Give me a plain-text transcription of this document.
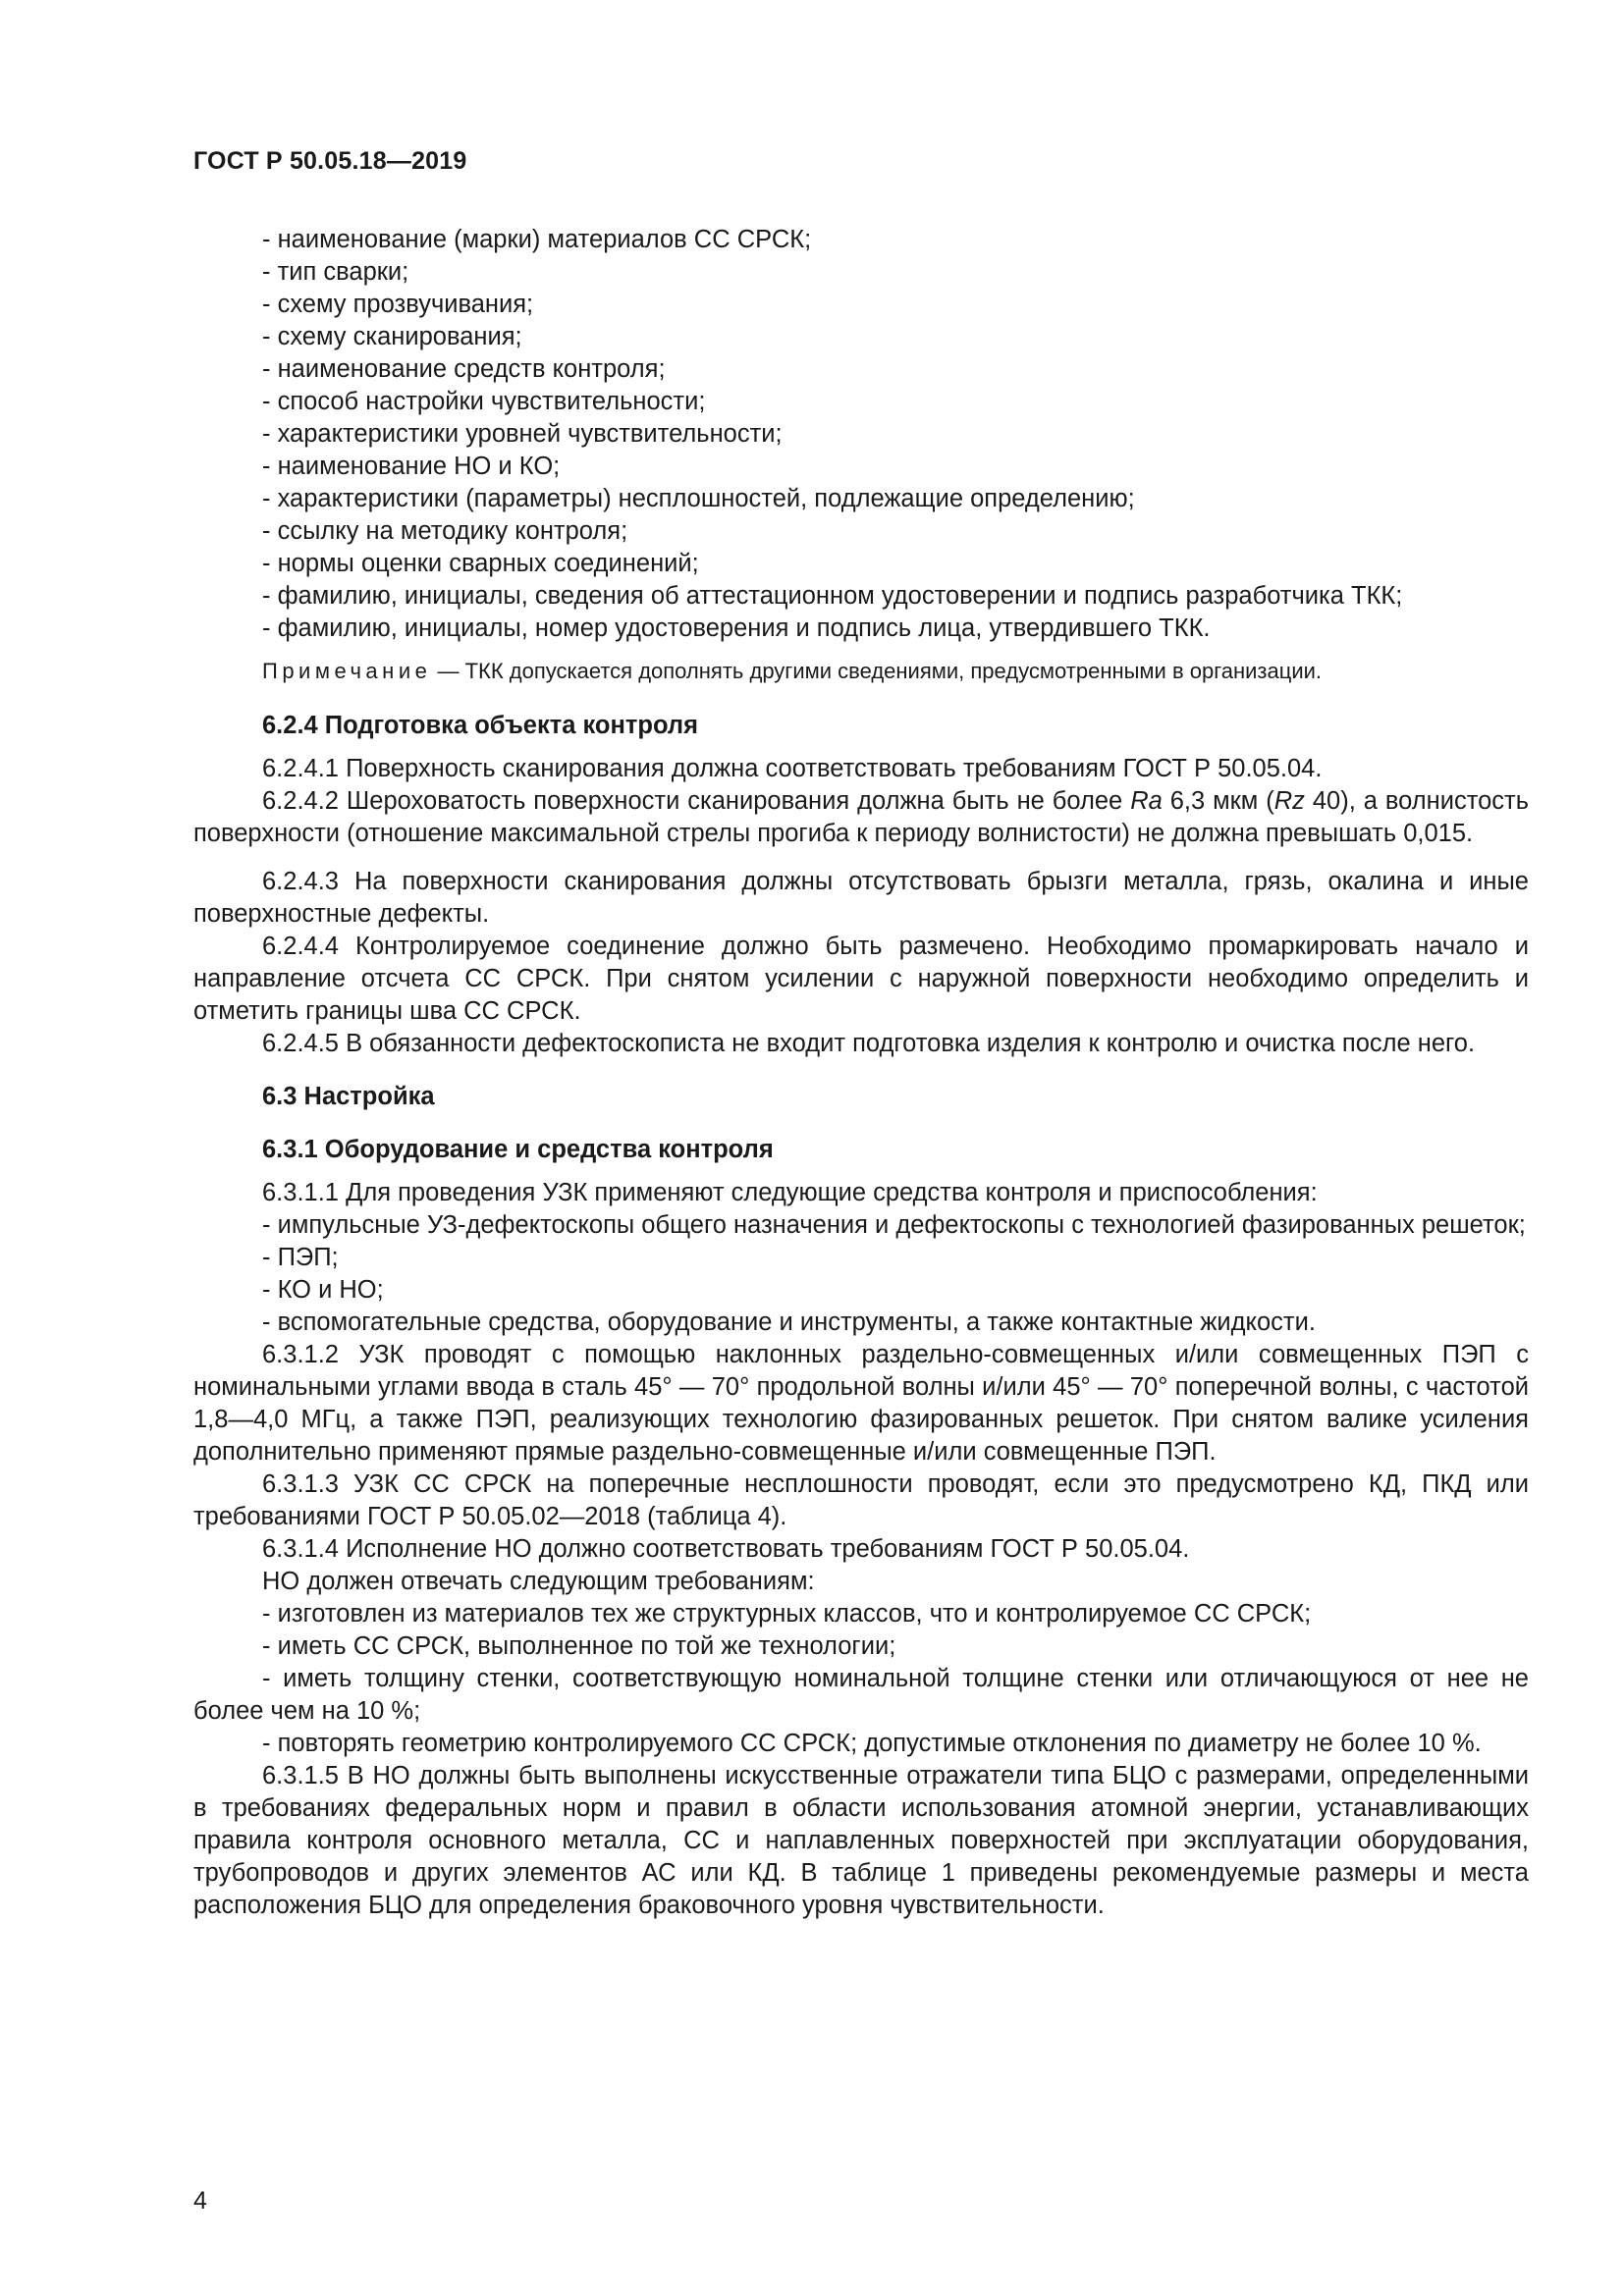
ГОСТ Р 50.05.18—2019

- наименование (марки) материалов СС СРСК;

- тип сварки;

- схему прозвучивания;

- схему сканирования;

- наименование средств контроля;

- способ настройки чувствительности;

- характеристики уровней чувствительности;

- наименование НО и КО;

- характеристики (параметры) несплошностей, подлежащие определению;

- ссылку на методику контроля;

- нормы оценки сварных соединений;

- фамилию, инициалы, сведения об аттестационном удостоверении и подпись разработчика ТКК;

- фамилию, инициалы, номер удостоверения и подпись лица, утвердившего ТКК.

Примечание — ТКК допускается дополнять другими сведениями, предусмотренными в организации.

6.2.4 Подготовка объекта контроля

6.2.4.1 Поверхность сканирования должна соответствовать требованиям ГОСТ Р 50.05.04.

6.2.4.2 Шероховатость поверхности сканирования должна быть не более Ra 6,3 мкм (Rz 40), а волнистость поверхности (отношение максимальной стрелы прогиба к периоду волнистости) не должна превышать 0,015.

6.2.4.3 На поверхности сканирования должны отсутствовать брызги металла, грязь, окалина и иные поверхностные дефекты.

6.2.4.4 Контролируемое соединение должно быть размечено. Необходимо промаркировать начало и направление отсчета СС СРСК. При снятом усилении с наружной поверхности необходимо определить и отметить границы шва СС СРСК.

6.2.4.5 В обязанности дефектоскописта не входит подготовка изделия к контролю и очистка после него.

6.3 Настройка

6.3.1 Оборудование и средства контроля

6.3.1.1 Для проведения УЗК применяют следующие средства контроля и приспособления:

- импульсные УЗ-дефектоскопы общего назначения и дефектоскопы с технологией фазированных решеток;

- ПЭП;

- КО и НО;

- вспомогательные средства, оборудование и инструменты, а также контактные жидкости.

6.3.1.2 УЗК проводят с помощью наклонных раздельно-совмещенных и/или совмещенных ПЭП с номинальными углами ввода в сталь 45° — 70° продольной волны и/или 45° — 70° поперечной волны, с частотой 1,8—4,0 МГц, а также ПЭП, реализующих технологию фазированных решеток. При снятом валике усиления дополнительно применяют прямые раздельно-совмещенные и/или совмещенные ПЭП.

6.3.1.3 УЗК СС СРСК на поперечные несплошности проводят, если это предусмотрено КД, ПКД или требованиями ГОСТ Р 50.05.02—2018 (таблица 4).

6.3.1.4 Исполнение НО должно соответствовать требованиям ГОСТ Р 50.05.04.

НО должен отвечать следующим требованиям:

- изготовлен из материалов тех же структурных классов, что и контролируемое СС СРСК;

- иметь СС СРСК, выполненное по той же технологии;

- иметь толщину стенки, соответствующую номинальной толщине стенки или отличающуюся от нее не более чем на 10 %;

- повторять геометрию контролируемого СС СРСК; допустимые отклонения по диаметру не более 10 %.

6.3.1.5 В НО должны быть выполнены искусственные отражатели типа БЦО с размерами, определенными в требованиях федеральных норм и правил в области использования атомной энергии, устанавливающих правила контроля основного металла, СС и наплавленных поверхностей при эксплуатации оборудования, трубопроводов и других элементов АС или КД. В таблице 1 приведены рекомендуемые размеры и места расположения БЦО для определения браковочного уровня чувствительности.

4
